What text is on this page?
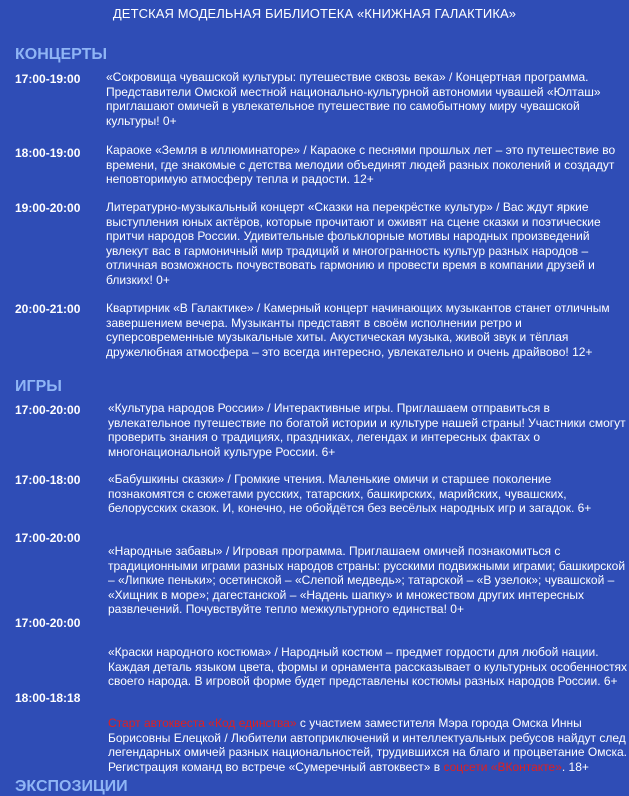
ДЕТСКАЯ МОДЕЛЬНАЯ БИБЛИОТЕКА «КНИЖНАЯ ГАЛАКТИКА»
КОНЦЕРТЫ
17:00-19:00 «Сокровища чувашской культуры: путешествие сквозь века» / Концертная программа. Представители Омской местной национально-культурной автономии чувашей «Юлташ» приглашают омичей в увлекательное путешествие по самобытному миру чувашской культуры! 0+
18:00-19:00 Караоке «Земля в иллюминаторе» / Караоке с песнями прошлых лет – это путешествие во времени, где знакомые с детства мелодии объединят людей разных поколений и создадут неповторимую атмосферу тепла и радости. 12+
19:00-20:00 Литературно-музыкальный концерт «Сказки на перекрёстке культур» / Вас ждут яркие выступления юных актёров, которые прочитают и оживят на сцене сказки и поэтические притчи народов России. Удивительные фольклорные мотивы народных произведений увлекут вас в гармоничный мир традиций и многогранность культур разных народов – отличная возможность почувствовать гармонию и провести время в компании друзей и близких! 0+
20:00-21:00 Квартирник «В Галактике» / Камерный концерт начинающих музыкантов станет отличным завершением вечера. Музыканты представят в своём исполнении ретро и суперсовременные музыкальные хиты. Акустическая музыка, живой звук и тёплая дружелюбная атмосфера – это всегда интересно, увлекательно и очень драйвово! 12+
ИГРЫ
17:00-20:00 «Культура народов России» / Интерактивные игры. Приглашаем отправиться в увлекательное путешествие по богатой истории и культуре нашей страны! Участники смогут проверить знания о традициях, праздниках, легендах и интересных фактах о многонациональной культуре России. 6+
17:00-18:00 «Бабушкины сказки» / Громкие чтения. Маленькие омичи и старшее поколение познакомятся с сюжетами русских, татарских, башкирских, марийских, чувашских, белорусских сказок. И, конечно, не обойдётся без весёлых народных игр и загадок. 6+
17:00-20:00
«Народные забавы» / Игровая программа. Приглашаем омичей познакомиться с традиционными играми разных народов страны: русскими подвижными играми; башкирской – «Липкие пеньки»; осетинской – «Слепой медведь»; татарской – «В узелок»; чувашской – «Хищник в море»; дагестанской – «Надень шапку» и множеством других интересных развлечений. Почувствуйте тепло межкультурного единства! 0+
17:00-20:00
«Краски народного костюма» / Народный костюм – предмет гордости для любой нации. Каждая деталь языком цвета, формы и орнамента рассказывает о культурных особенностях своего народа. В игровой форме будет представлены костюмы разных народов России. 6+
18:00-18:18
Старт автоквеста «Код единства» с участием заместителя Мэра города Омска Инны Борисовны Елецкой / Любители автоприключений и интеллектуальных ребусов найдут след легендарных омичей разных национальностей, трудившихся на благо и процветание Омска. Регистрация команд во встрече «Сумеречный автоквест» в соцсети «ВКонтакте». 18+
ЭКСПОЗИЦИИ
